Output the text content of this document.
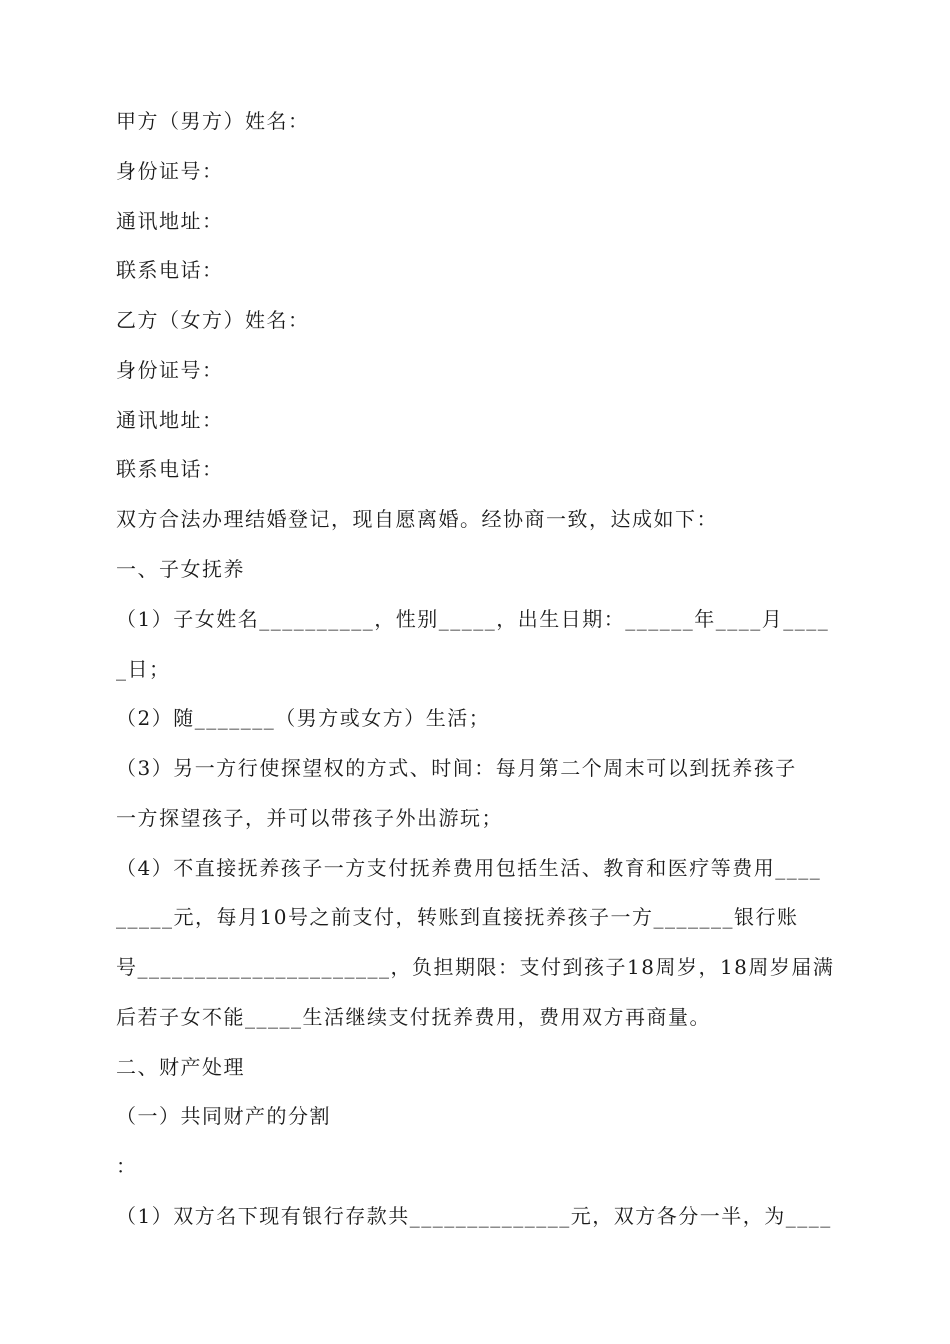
甲方（男方）姓名：
身份证号：
通讯地址：
联系电话：
乙方（女方）姓名：
身份证号：
通讯地址：
联系电话：
双方合法办理结婚登记，现自愿离婚。经协商一致，达成如下：
一、子女抚养
（1）子女姓名__________，性别_____，出生日期：______年____月____
_日；
（2）随_______（男方或女方）生活；
（3）另一方行使探望权的方式、时间：每月第二个周末可以到抚养孩子
一方探望孩子，并可以带孩子外出游玩；
（4）不直接抚养孩子一方支付抚养费用包括生活、教育和医疗等费用____
_____元，每月10号之前支付，转账到直接抚养孩子一方_______银行账
号______________________，负担期限：支付到孩子18周岁，18周岁届满
后若子女不能_____生活继续支付抚养费用，费用双方再商量。
二、财产处理
（一）共同财产的分割
：
（1）双方名下现有银行存款共______________元，双方各分一半，为____
